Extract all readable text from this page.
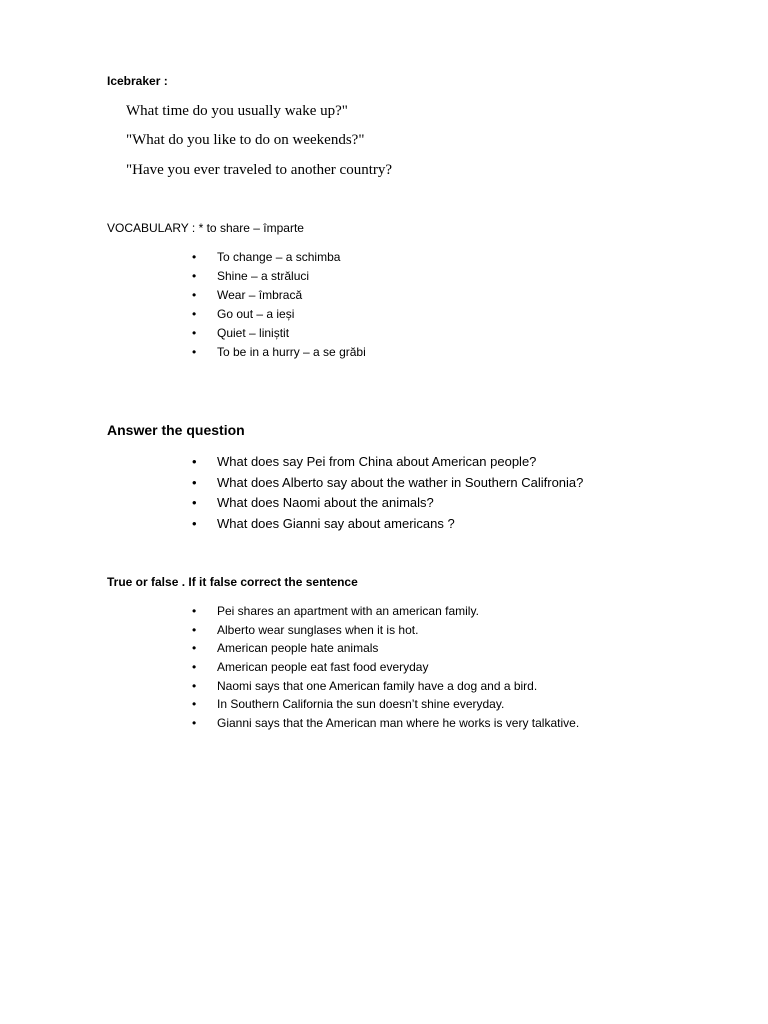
Icebraker :
What time do you usually wake up?"
"What do you like to do on weekends?"
"Have you ever traveled to another country?
VOCABULARY : * to share – împarte
•	To change – a schimba
•	Shine – a străluci
•	Wear – îmbracă
•	Go out – a ieși
•	Quiet – liniștit
•	To be in a hurry – a se grăbi
Answer the question
•	What does say Pei from China about American people?
•	What does Alberto say about the wather in Southern Califronia?
•	What does Naomi about the animals?
•	What does Gianni say about americans ?
True or false . If it false correct the sentence
•	Pei shares an apartment with an american family.
•	Alberto wear sunglases when it is hot.
•	American people hate animals
•	American people eat fast food everyday
•	Naomi says that one American family have a dog and a bird.
•	In Southern California the sun doesn’t shine everyday.
•	Gianni says that the American man where he works is very talkative.
